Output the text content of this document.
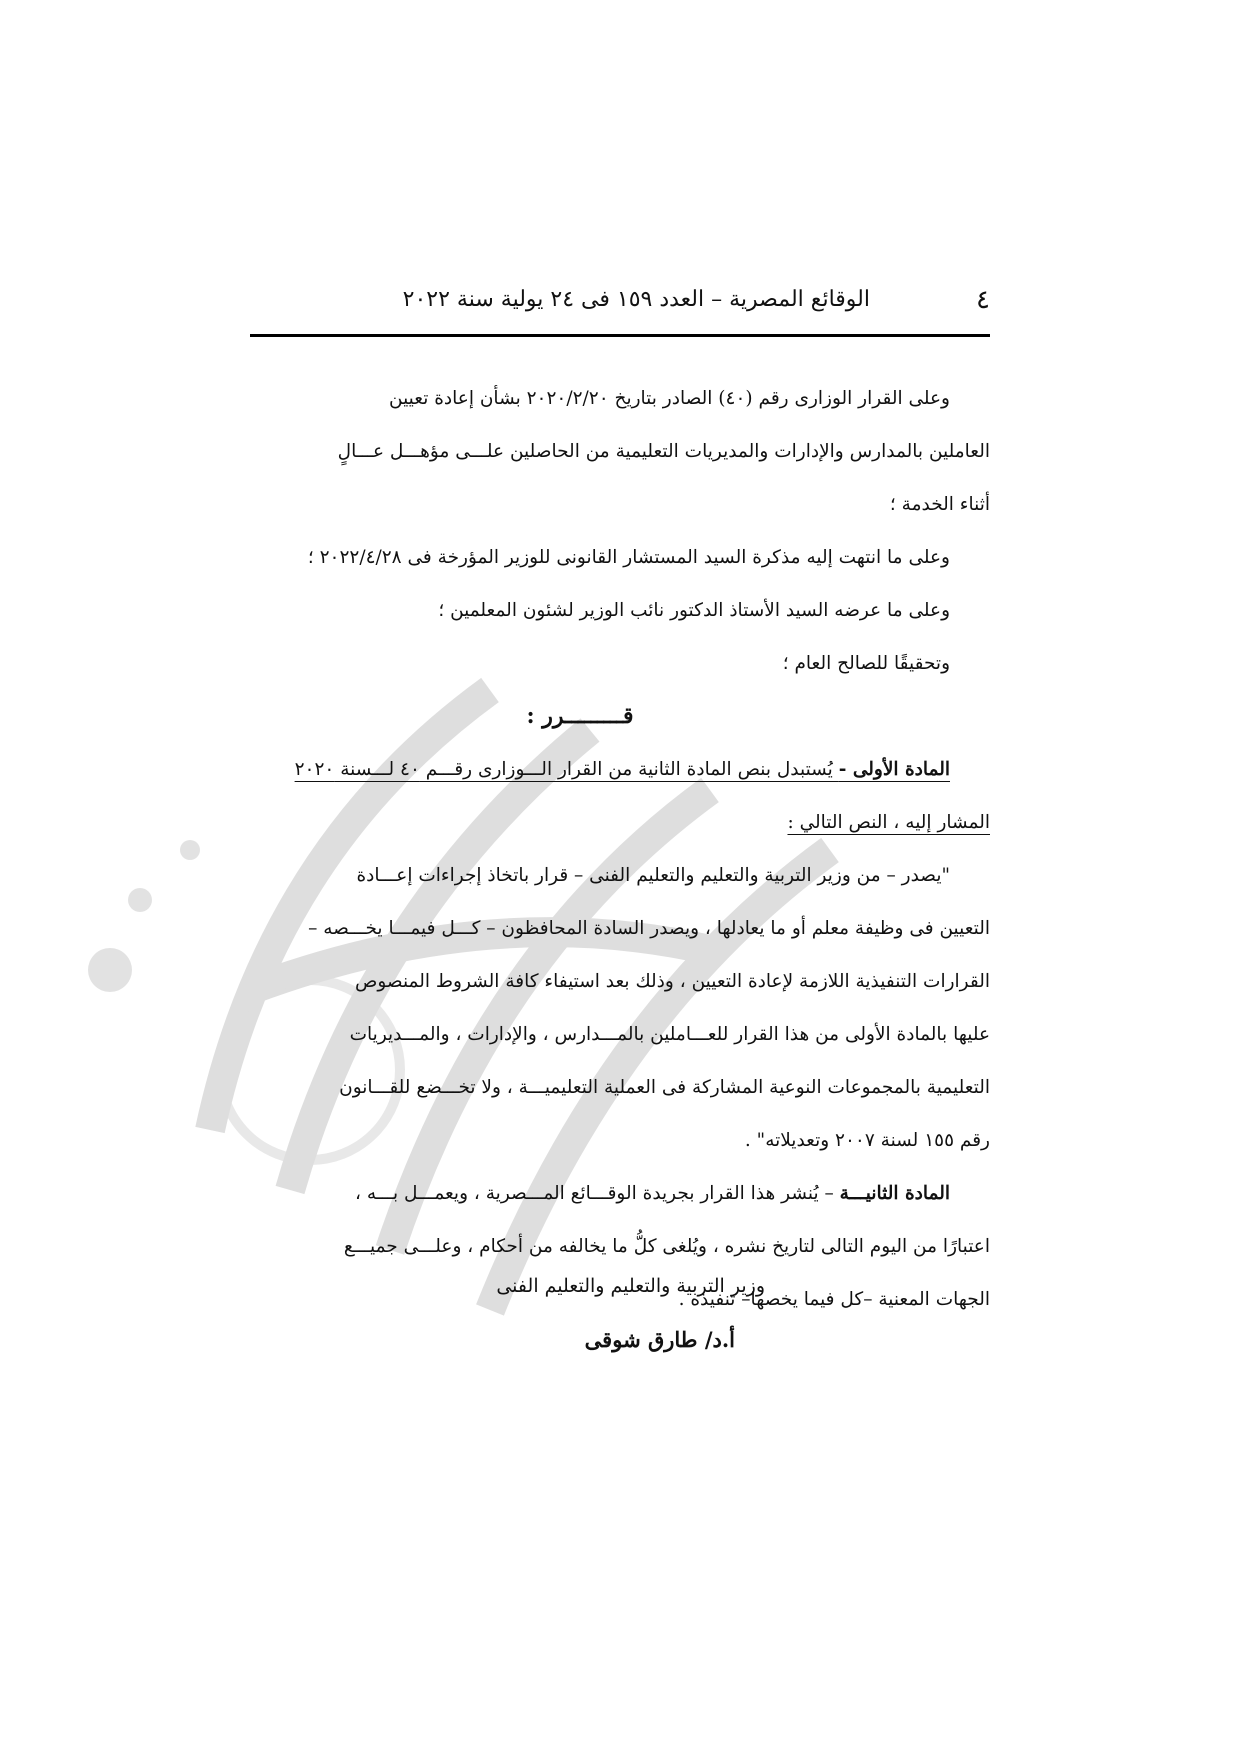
٤
الوقائع المصرية – العدد ١٥٩ فى ٢٤ يولية سنة ٢٠٢٢
وعلى القرار الوزارى رقم (٤٠) الصادر بتاريخ ٢٠٢٠/٢/٢٠ بشأن إعادة تعيين
العاملين بالمدارس والإدارات والمديريات التعليمية من الحاصلين علـــى مؤهـــل عـــالٍ
أثناء الخدمة ؛
وعلى ما انتهت إليه مذكرة السيد المستشار القانونى للوزير المؤرخة فى ٢٠٢٢/٤/٢٨ ؛
وعلى ما عرضه السيد الأستاذ الدكتور نائب الوزير لشئون المعلمين ؛
وتحقيقًا للصالح العام ؛
قـــــــــرر :
المادة الأولى - يُستبدل بنص المادة الثانية من القرار الـــوزارى رقـــم ٤٠ لـــسنة ٢٠٢٠
المشار إليه ، النص التالي :
"يصدر – من وزير التربية والتعليم والتعليم الفنى – قرار باتخاذ إجراءات إعـــادة
التعيين فى وظيفة معلم أو ما يعادلها ، ويصدر السادة المحافظون – كـــل فيمـــا يخـــصه –
القرارات التنفيذية اللازمة لإعادة التعيين ، وذلك بعد استيفاء كافة الشروط المنصوص
عليها بالمادة الأولى من هذا القرار للعـــاملين بالمـــدارس ، والإدارات ، والمـــديريات
التعليمية بالمجموعات النوعية المشاركة فى العملية التعليميـــة ، ولا تخـــضع للقـــانون
رقم ١٥٥ لسنة ٢٠٠٧ وتعديلاته" .
المادة الثانيـــة – يُنشر هذا القرار بجريدة الوقـــائع المـــصرية ، ويعمـــل بـــه ،
اعتبارًا من اليوم التالى لتاريخ نشره ، ويُلغى كلُّ ما يخالفه من أحكام ، وعلـــى جميـــع
الجهات المعنية –كل فيما يخصها– تنفيذه .
وزير التربية والتعليم والتعليم الفنى
أ.د/ طارق شوقى
